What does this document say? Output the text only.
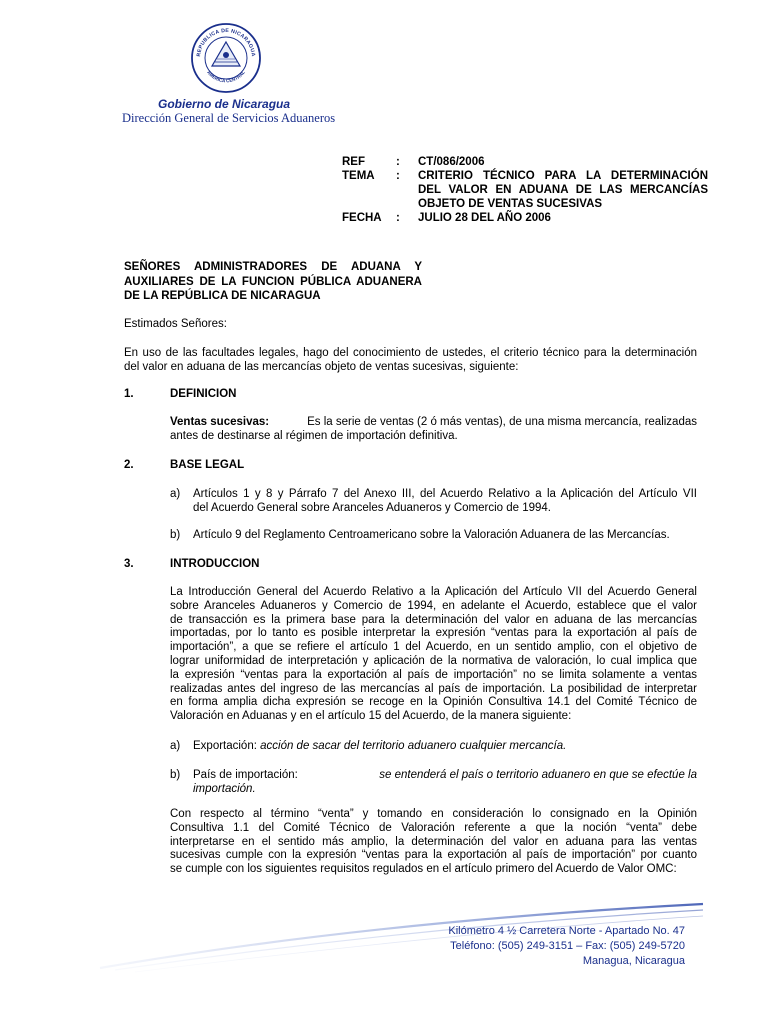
REPUBLICA DE NICARAGUA
AMERICA CENTRAL
Gobierno de Nicaragua
Dirección General de Servicios Aduaneros
REF	: CT/086/2006
TEMA	: CRITERIO TÉCNICO PARA LA DETERMINACIÓN
DEL VALOR EN ADUANA DE LAS MERCANCÍAS
OBJETO DE VENTAS SUCESIVAS
FECHA	: JULIO 28 DEL AÑO 2006
SEÑORES ADMINISTRADORES DE ADUANA Y
AUXILIARES DE LA FUNCION PÚBLICA ADUANERA
DE LA REPÚBLICA DE NICARAGUA
Estimados Señores:
En uso de las facultades legales, hago del conocimiento de ustedes, el criterio técnico para la determinación
del valor en aduana de las mercancías objeto de ventas sucesivas, siguiente:
1.	DEFINICION
Ventas sucesivas:	Es la serie de ventas (2 ó más ventas), de una misma mercancía, realizadas
antes de destinarse al régimen de importación definitiva.
2.	BASE LEGAL
a) Artículos 1 y 8 y Párrafo 7 del Anexo III, del Acuerdo Relativo a la Aplicación del Artículo VII
del Acuerdo General sobre Aranceles Aduaneros y Comercio de 1994.
b) Artículo 9 del Reglamento Centroamericano sobre la Valoración Aduanera de las Mercancías.
3.	INTRODUCCION
La Introducción General del Acuerdo Relativo a la Aplicación del Artículo VII del Acuerdo General
sobre Aranceles Aduaneros y Comercio de 1994, en adelante el Acuerdo, establece que el valor
de transacción es la primera base para la determinación del valor en aduana de las mercancías
importadas, por lo tanto es posible interpretar la expresión “ventas para la exportación al país de
importación”, a que se refiere el artículo 1 del Acuerdo, en un sentido amplio, con el objetivo de
lograr uniformidad de interpretación y aplicación de la normativa de valoración, lo cual implica que
la expresión “ventas para la exportación al país de importación” no se limita solamente a ventas
realizadas antes del ingreso de las mercancías al país de importación. La posibilidad de interpretar
en forma amplia dicha expresión se recoge en la Opinión Consultiva 14.1 del Comité Técnico de
Valoración en Aduanas y en el artículo 15 del Acuerdo, de la manera siguiente:
a) Exportación: acción de sacar del territorio aduanero cualquier mercancía.
b) País de importación:	se entenderá el país o territorio aduanero en que se efectúe la
importación.
Con respecto al término “venta” y tomando en consideración lo consignado en la Opinión
Consultiva 1.1 del Comité Técnico de Valoración referente a que la noción “venta” debe
interpretarse en el sentido más amplio, la determinación del valor en aduana para las ventas
sucesivas cumple con la expresión “ventas para la exportación al país de importación” por cuanto
se cumple con los siguientes requisitos regulados en el artículo primero del Acuerdo de Valor OMC:
Kilómetro 4 ½ Carretera Norte - Apartado No. 47
Teléfono: (505) 249-3151 – Fax: (505) 249-5720
Managua, Nicaragua
